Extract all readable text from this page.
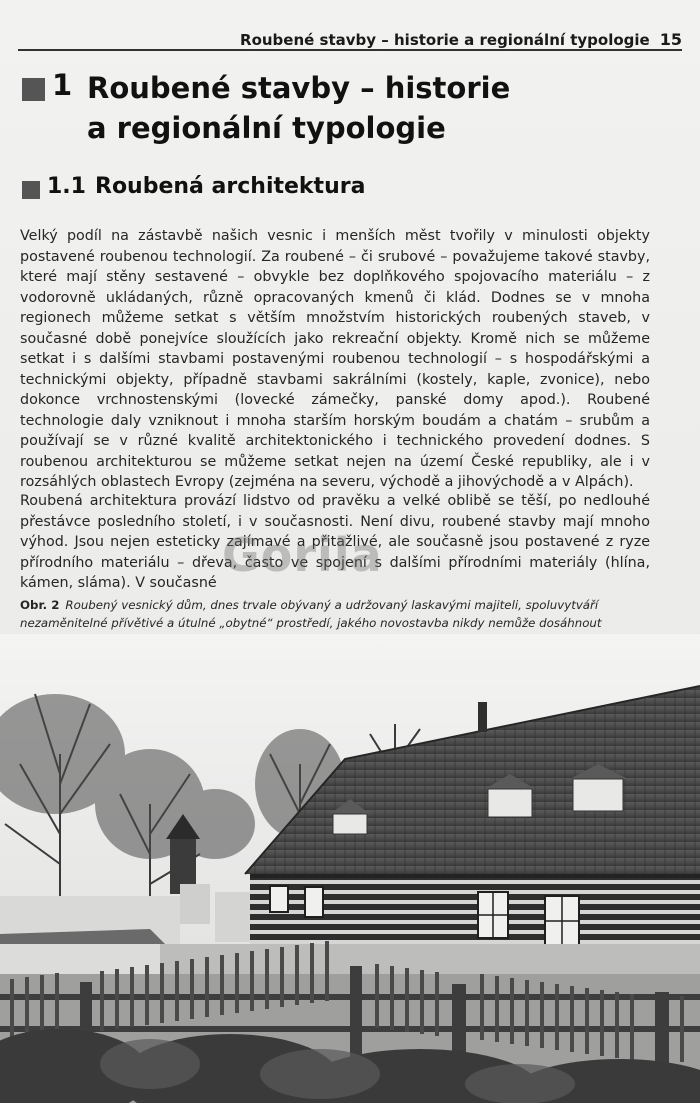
Roubené stavby – historie a regionální typologie 15
1 Roubené stavby – historie
a regionální typologie
1.1 Roubená architektura

Velký podíl na zástavbě našich vesnic i menších měst tvořily v minulosti objekty postavené roubenou technologií. Za roubené – či srubové – považujeme takové stavby, které mají stěny sestavené – obvykle bez doplňkového spojovacího materiálu – z vodorovně ukládaných, různě opracovaných kmenů či klád. Dodnes se v mnoha regionech můžeme setkat s větším množstvím historických roubených staveb, v současné době ponejvíce sloužících jako rekreační objekty. Kromě nich se můžeme setkat i s dalšími stavbami postavenými roubenou technologií – s hospodářskými a technickými objekty, případně stavbami sakrálními (kostely, kaple, zvonice), nebo dokonce vrchnostenskými (lovecké zámečky, panské domy apod.). Roubené technologie daly vzniknout i mnoha starším horským boudám a chatám – srubům a používají se v různé kvalitě architektonického i technického provedení dodnes. S roubenou architekturou se můžeme setkat nejen na území České republiky, ale i v rozsáhlých oblastech Evropy (zejména na severu, východě a jihovýchodě a v Alpách).

Roubená architektura provází lidstvo od pravěku a velké oblibě se těší, po nedlouhé přestávce posledního století, i v současnosti. Není divu, roubené stavby mají mnoho výhod. Jsou nejen esteticky zajímavé a přitažlivé, ale současně jsou postavené z ryze přírodního materiálu – dřeva, často ve spojení s dalšími přírodními materiály (hlína, kámen, sláma). V současné

Gorila
Obr. 2 Roubený vesnický dům, dnes trvale obývaný a udržovaný laskavými majiteli, spoluvytváří nezaměnitelné přívětivé a útulné „obytné“ prostředí, jakého novostavba nikdy nemůže dosáhnout
